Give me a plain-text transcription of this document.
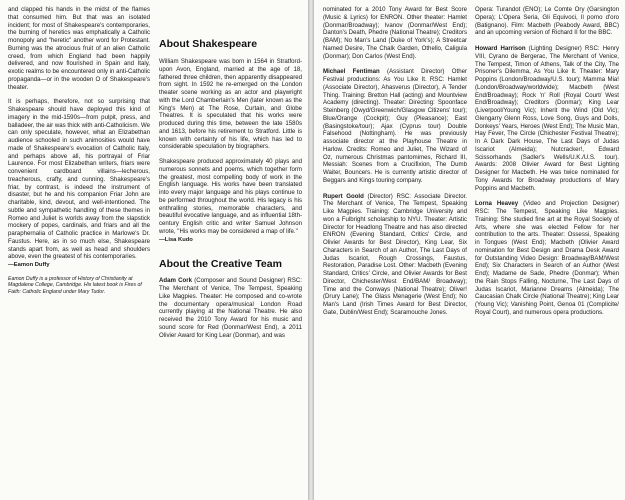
and clapped his hands in the midst of the flames that consumed him. But that was an isolated incident; for most of Shakespeare's contemporaries, the burning of heretics was emphatically a Catholic monopoly and "heretic" another word for Protestant. Burning was the atrocious fruit of an alien Catholic creed, from which England had been happily delivered, and now flourished in Spain and Italy, exotic realms to be encountered only in anti-Catholic propaganda—or in the wooden O of Shakespeare's theater.

It is perhaps, therefore, not so surprising that Shakespeare should have deployed this kind of imagery in the mid-1590s—from pulpit, press, and balladeer, the air was thick with anti-Catholicism. We can only speculate, however, what an Elizabethan audience schooled in such animosities would have made of Shakespeare's evocation of Catholic Italy, and perhaps above all, his portrayal of Friar Laurence. For most Elizabethan writers, friars were convenient cardboard villains—lecherous, treacherous, crafty, and cunning. Shakespeare's friar, by contrast, is indeed the instrument of disaster, but he and his companion Friar John are charitable, kind, devout, and well-intentioned. The subtle and sympathetic handling of these themes in Romeo and Juliet is worlds away from the slapstick mockery of popes, cardinals, and friars and all the paraphernalia of Catholic practice in Marlowe's Dr. Faustus. Here, as in so much else, Shakespeare stands apart from, as well as head and shoulders above, even the greatest of his contemporaries.

—Eamon Duffy

Eamon Duffy is a professor of History of Christianity at Magdalene College, Cambridge. His latest book is Fires of Faith: Catholic England under Mary Tudor.

About Shakespeare

William Shakespeare was born in 1564 in Stratford-upon Avon, England, married at the age of 18, fathered three children, then apparently disappeared from sight. In 1592 he re-emerged on the London theater scene working as an actor and playwright with the Lord Chamberlain's Men (later known as the King's Men) at The Rose, Curtain, and Globe Theatres. It is speculated that his works were produced during this time, between the late 1580s and 1613, before his retirement to Stratford. Little is known with certainty of his life, which has led to considerable speculation by biographers.

Shakespeare produced approximately 40 plays and numerous sonnets and poems, which together form the greatest, most compelling body of work in the English language. His works have been translated into every major language and his plays continue to be performed throughout the world. His legacy is his enthralling stories, memorable characters, and beautiful evocative language, and as influential 18th-century English critic and writer Samuel Johnson wrote, "His works may be considered a map of life."

—Lisa Kudo

About the Creative Team

Adam Cork (Composer and Sound Designer) RSC: The Merchant of Venice, The Tempest, Speaking Like Magpies. Theater: He composed and co-wrote the documentary opera/musical London Road currently playing at the National Theatre. He also received the 2010 Tony Award for his music and sound score for Red (Donmar/West End), a 2011 Olivier Award for King Lear (Donmar), and was

nominated for a 2010 Tony Award for Best Score (Music & Lyrics) for ENRON. Other theater: Hamlet (Donmar/Broadway); Ivanov (Donmar/West End); Danton's Death, Phedre (National Theatre); Creditors (BAM); No Man's Land (Duke of York's); A Streetcar Named Desire, The Chalk Garden, Othello, Caligula (Donmar); Don Carlos (West End).

Michael Fentiman (Assistant Director) Other Festival productions: As You Like It. RSC: Hamlet (Associate Director), Ahasverus (Director), A Tender Thing. Training: Bretton Hall (acting) and Mountview Academy (directing). Theater: Directing: Spoonface Steinberg (Owyd/Greenwich/Glasgow Citizens' tour); Blue/Orange (Cockpit); Guy (Pleasance); East (Basingstoke/tour); Ajax (Cyprus tour) Double Falsehood (Nottingham). He was previously associate director at the Playhouse Theatre in Harlow. Credits: Romeo and Juliet, The Wizard of Oz, numerous Christmas pantomimes, Richard III, Messiah: Scenes from a Crucifixion, The Dumb Waiter, Bouncers. He is currently artistic director of Beggars and Kings touring company.

Rupert Goold (Director) RSC: Associate Director. The Merchant of Venice, The Tempest, Speaking Like Magpies. Training: Cambridge University and won a Fulbright scholarship to NYU. Theater: Artistic Director for Headlong Theatre and has also directed ENRON (Evening Standard, Critics' Circle, and Olivier Awards for Best Director), King Lear, Six Characters in Search of an Author, The Last Days of Judas Iscariot, Rough Crossings, Faustus, Restoration, Paradise Lost. Other: Macbeth (Evening Standard, Critics' Circle, and Olivier Awards for Best Director, Chichester/West End/BAM/ Broadway); Time and the Conways (National Theatre); Oliver! (Drury Lane); The Glass Menagerie (West End); No Man's Land (Irish Times Award for Best Director, Gate, Dublin/West End); Scaramouche Jones.

Opera: Turandot (ENO); Le Comte Ory (Garsington Opera); L'Opera Seria, Gli Equivoci, Il porno d'oro (Batignano). Film: Macbeth (Peabody Award, BBC) and an upcoming version of Richard II for the BBC.

Howard Harrison (Lighting Designer) RSC: Henry VIII, Cyrano de Bergerac, The Merchant of Venice, The Tempest, Timon of Athens, Talk of the City, The Prisoner's Dilemma, As You Like It. Theater: Mary Poppins (London/Broadway/U.S. tour); Mamma Mia! (London/Broadway/worldwide); Macbeth (West End/Broadway); Rock 'n' Roll (Royal Court/ West End/Broadway); Creditors (Donmar); King Lear (Liverpool/Young Vic); Inherit the Wind (Old Vic); Glengarry Glenn Ross, Love Song, Guys and Dolls, Donkeys' Years, Heroes (West End); The Music Man, Hay Fever, The Circle (Chichester Festival Theatre); In A Dark Dark House, The Last Days of Judas Iscariot (Almeida); Nutcracker!, Edward Scissorhands (Sadler's Wells/U.K./U.S. tour). Awards: 2008 Olivier Award for Best Lighting Designer for Macbeth. He was twice nominated for Tony Awards for Broadway productions of Mary Poppins and Macbeth.

Lorna Heavey (Video and Projection Designer) RSC: The Tempest, Speaking Like Magpies. Training: She studied fine art at the Royal Society of Arts, where she was elected Fellow for her contribution to the arts. Theater: Ossessi, Speaking in Tongues (West End); Macbeth (Olivier Award nomination for Best Design and Drama Desk Award for Outstanding Video Design: Broadway/BAM/West End); Six Characters in Search of an Author (West End); Madame de Sade, Phedre (Donmar); When the Rain Stops Falling, Nocturne, The Last Days of Judas Iscariot, Marianne Dreams (Almeida); The Caucasian Chalk Circle (National Theatre); King Lear (Young Vic); Vanishing Point, Genoa 01 (Complicite/ Royal Court), and numerous opera productions.
